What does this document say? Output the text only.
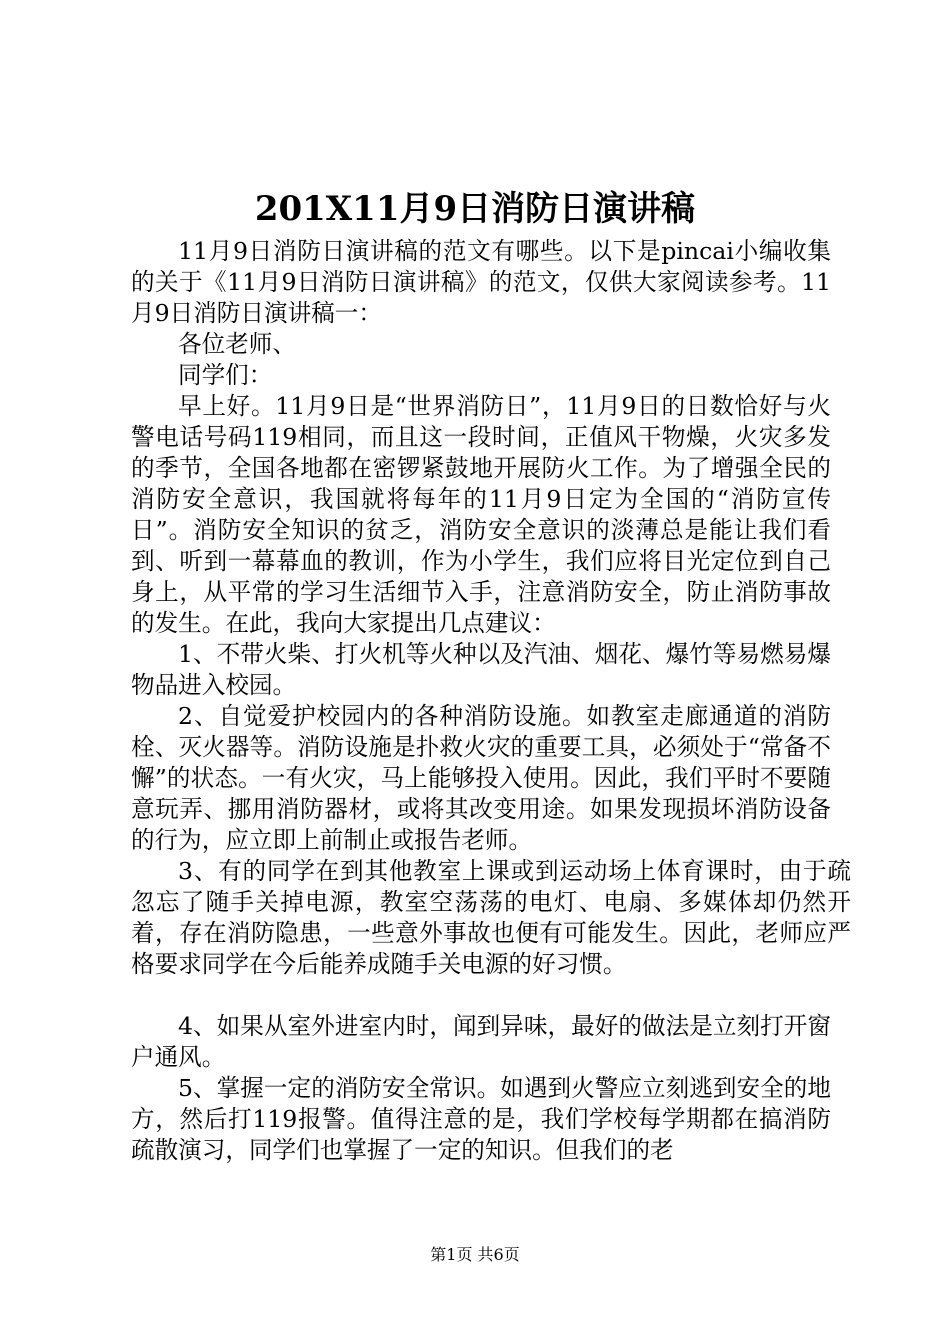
201X11月9日消防日演讲稿

11月9日消防日演讲稿的范文有哪些。以下是pincai小编收集的关于《11月9日消防日演讲稿》的范文，仅供大家阅读参考。11月9日消防日演讲稿一：

各位老师、

同学们：

早上好。11月9日是“世界消防日”，11月9日的日数恰好与火警电话号码119相同，而且这一段时间，正值风干物燥，火灾多发的季节，全国各地都在密锣紧鼓地开展防火工作。为了增强全民的消防安全意识，我国就将每年的11月9日定为全国的“消防宣传日”。消防安全知识的贫乏，消防安全意识的淡薄总是能让我们看到、听到一幕幕血的教训，作为小学生，我们应将目光定位到自己身上，从平常的学习生活细节入手，注意消防安全，防止消防事故的发生。在此，我向大家提出几点建议：

1、不带火柴、打火机等火种以及汽油、烟花、爆竹等易燃易爆物品进入校园。

2、自觉爱护校园内的各种消防设施。如教室走廊通道的消防栓、灭火器等。消防设施是扑救火灾的重要工具，必须处于“常备不懈”的状态。一有火灾，马上能够投入使用。因此，我们平时不要随意玩弄、挪用消防器材，或将其改变用途。如果发现损坏消防设备的行为，应立即上前制止或报告老师。

3、有的同学在到其他教室上课或到运动场上体育课时，由于疏忽忘了随手关掉电源，教室空荡荡的电灯、电扇、多媒体却仍然开着，存在消防隐患，一些意外事故也便有可能发生。因此，老师应严格要求同学在今后能养成随手关电源的好习惯。

4、如果从室外进室内时，闻到异味，最好的做法是立刻打开窗户通风。

5、掌握一定的消防安全常识。如遇到火警应立刻逃到安全的地方，然后打119报警。值得注意的是，我们学校每学期都在搞消防疏散演习，同学们也掌握了一定的知识。但我们的老

第1页 共6页
